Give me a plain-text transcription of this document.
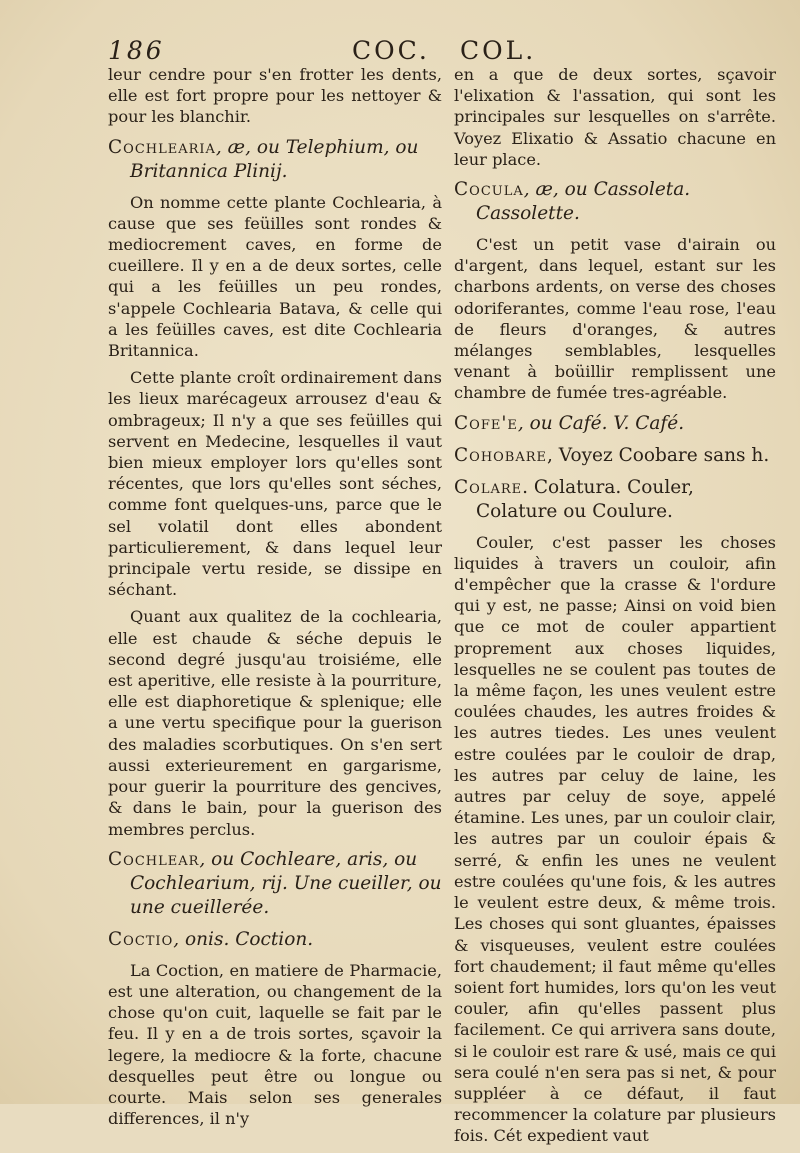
186	COC. COL.

leur cendre pour s'en frotter les dents, elle est fort propre pour les nettoyer & pour les blanchir.

Cochlearia, æ, ou Telephium, ou Britannica Plinij.

On nomme cette plante Cochlearia, à cause que ses feüilles sont rondes & mediocrement caves, en forme de cueillere. Il y en a de deux sortes, celle qui a les feüilles un peu rondes, s'appele Cochlearia Batava, & celle qui a les feüilles caves, est dite Cochlearia Britannica.

Cette plante croît ordinairement dans les lieux marécageux arrousez d'eau & ombrageux; Il n'y a que ses feüilles qui servent en Medecine, lesquelles il vaut bien mieux employer lors qu'elles sont récentes, que lors qu'elles sont séches, comme font quelques-uns, parce que le sel volatil dont elles abondent particulierement, & dans lequel leur principale vertu reside, se dissipe en séchant.

Quant aux qualitez de la cochlearia, elle est chaude & séche depuis le second degré jusqu'au troisiéme, elle est aperitive, elle resiste à la pourriture, elle est diaphoretique & splenique; elle a une vertu specifique pour la guerison des maladies scorbutiques. On s'en sert aussi exterieurement en gargarisme, pour guerir la pourriture des gencives, & dans le bain, pour la guerison des membres perclus.

Cochlear, ou Cochleare, aris, ou Cochlearium, rij. Une cueiller, ou une cueillerée.
Coctio, onis. Coction.

La Coction, en matiere de Pharmacie, est une alteration, ou changement de la chose qu'on cuit, laquelle se fait par le feu. Il y en a de trois sortes, sçavoir la legere, la mediocre & la forte, chacune desquelles peut être ou longue ou courte. Mais selon ses generales differences, il n'y

en a que de deux sortes, sçavoir l'elixation & l'assation, qui sont les principales sur lesquelles on s'arrête. Voyez Elixatio & Assatio chacune en leur place.

Cocula, æ, ou Cassoleta. Cassolette.

C'est un petit vase d'airain ou d'argent, dans lequel, estant sur les charbons ardents, on verse des choses odoriferantes, comme l'eau rose, l'eau de fleurs d'oranges, & autres mélanges semblables, lesquelles venant à boüillir remplissent une chambre de fumée tres-agréable.

Cofe'e, ou Café. V. Café.
Cohobare, Voyez Coobare sans h.
Colare. Colatura. Couler, Colature ou Coulure.

Couler, c'est passer les choses liquides à travers un couloir, afin d'empêcher que la crasse & l'ordure qui y est, ne passe; Ainsi on void bien que ce mot de couler appartient proprement aux choses liquides, lesquelles ne se coulent pas toutes de la même façon, les unes veulent estre coulées chaudes, les autres froides & les autres tiedes. Les unes veulent estre coulées par le couloir de drap, les autres par celuy de laine, les autres par celuy de soye, appelé étamine. Les unes, par un couloir clair, les autres par un couloir épais & serré, & enfin les unes ne veulent estre coulées qu'une fois, & les autres le veulent estre deux, & même trois. Les choses qui sont gluantes, épaisses & visqueuses, veulent estre coulées fort chaudement; il faut même qu'elles soient fort humides, lors qu'on les veut couler, afin qu'elles passent plus facilement. Ce qui arrivera sans doute, si le couloir est rare & usé, mais ce qui sera coulé n'en sera pas si net, & pour suppléer à ce défaut, il faut recommencer la colature par plusieurs fois. Cét expedient vaut
